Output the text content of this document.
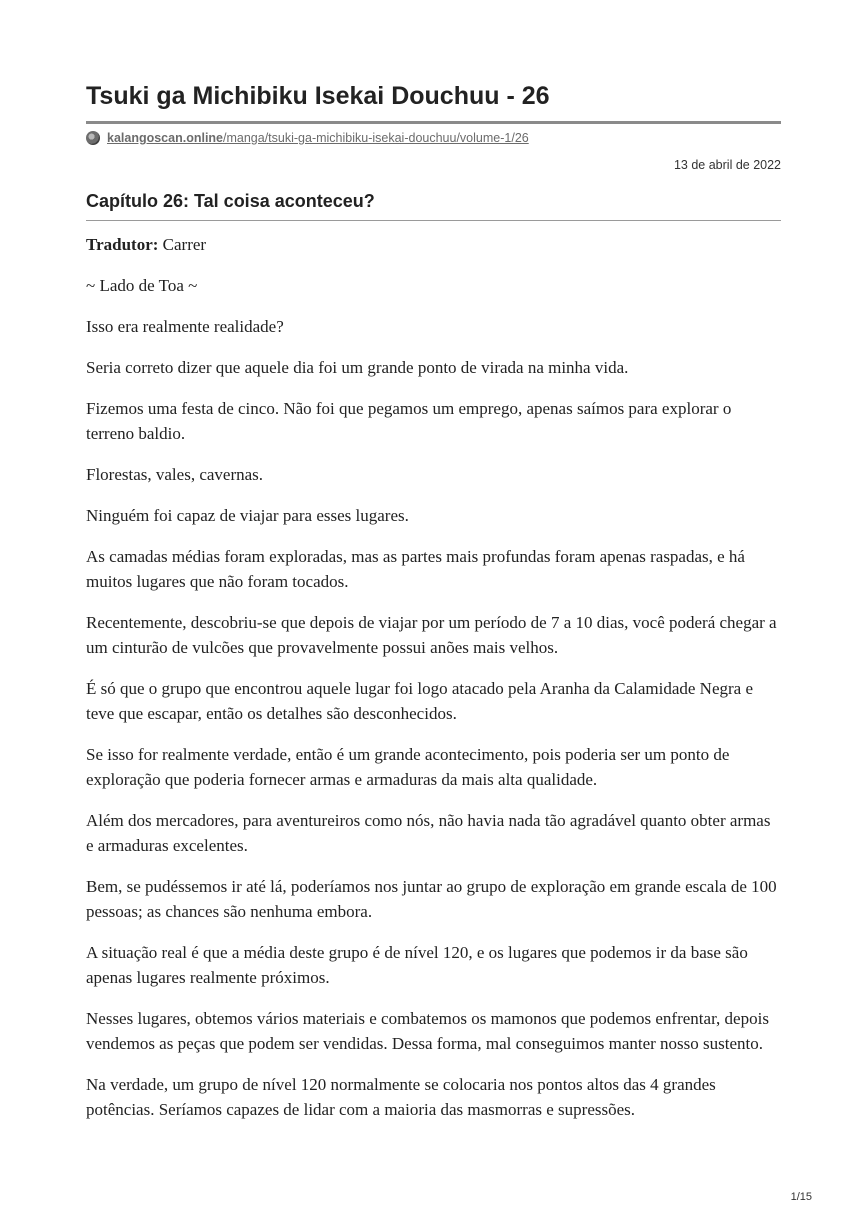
Tsuki ga Michibiku Isekai Douchuu - 26
kalangoscan.online /manga/tsuki-ga-michibiku-isekai-douchuu/volume-1/26
13 de abril de 2022
Capítulo 26: Tal coisa aconteceu?

Tradutor: Carrer

~ Lado de Toa ~

Isso era realmente realidade?

Seria correto dizer que aquele dia foi um grande ponto de virada na minha vida.

Fizemos uma festa de cinco. Não foi que pegamos um emprego, apenas saímos para explorar o terreno baldio.

Florestas, vales, cavernas.

Ninguém foi capaz de viajar para esses lugares.

As camadas médias foram exploradas, mas as partes mais profundas foram apenas raspadas, e há muitos lugares que não foram tocados.

Recentemente, descobriu-se que depois de viajar por um período de 7 a 10 dias, você poderá chegar a um cinturão de vulcões que provavelmente possui anões mais velhos.

É só que o grupo que encontrou aquele lugar foi logo atacado pela Aranha da Calamidade Negra e teve que escapar, então os detalhes são desconhecidos.

Se isso for realmente verdade, então é um grande acontecimento, pois poderia ser um ponto de exploração que poderia fornecer armas e armaduras da mais alta qualidade.

Além dos mercadores, para aventureiros como nós, não havia nada tão agradável quanto obter armas e armaduras excelentes.

Bem, se pudéssemos ir até lá, poderíamos nos juntar ao grupo de exploração em grande escala de 100 pessoas; as chances são nenhuma embora.

A situação real é que a média deste grupo é de nível 120, e os lugares que podemos ir da base são apenas lugares realmente próximos.

Nesses lugares, obtemos vários materiais e combatemos os mamonos que podemos enfrentar, depois vendemos as peças que podem ser vendidas. Dessa forma, mal conseguimos manter nosso sustento.

Na verdade, um grupo de nível 120 normalmente se colocaria nos pontos altos das 4 grandes potências. Seríamos capazes de lidar com a maioria das masmorras e supressões.

1/15
